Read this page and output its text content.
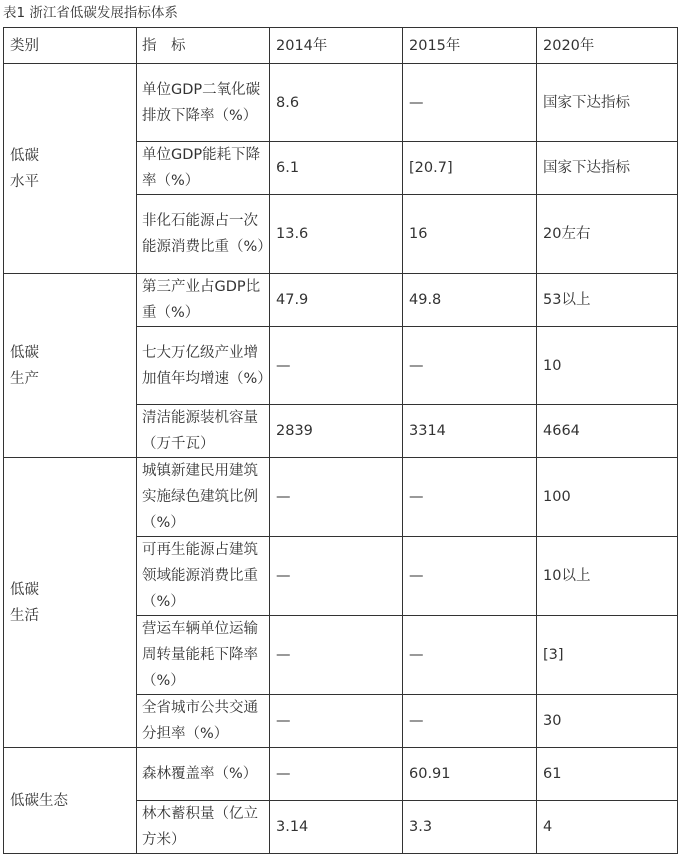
表1 浙江省低碳发展指标体系
类别	指　标	2014年	2015年	2020年
低碳
水平	单位GDP二氧化碳排放下降率（%）	8.6	—	国家下达指标
	单位GDP能耗下降率（%）	6.1	[20.7]	国家下达指标
	非化石能源占一次能源消费比重（%）	13.6	16	20左右
低碳
生产	第三产业占GDP比重（%）	47.9	49.8	53以上
	七大万亿级产业增加值年均增速（%）	—	—	10
	清洁能源装机容量（万千瓦）	2839	3314	4664
低碳
生活	城镇新建民用建筑实施绿色建筑比例（%）	—	—	100
	可再生能源占建筑领域能源消费比重（%）	—	—	10以上
	营运车辆单位运输周转量能耗下降率（%）	—	—	[3]
	全省城市公共交通分担率（%）	—	—	30
低碳生态	森林覆盖率（%）	—	60.91	61
	林木蓄积量（亿立方米）	3.14	3.3	4
